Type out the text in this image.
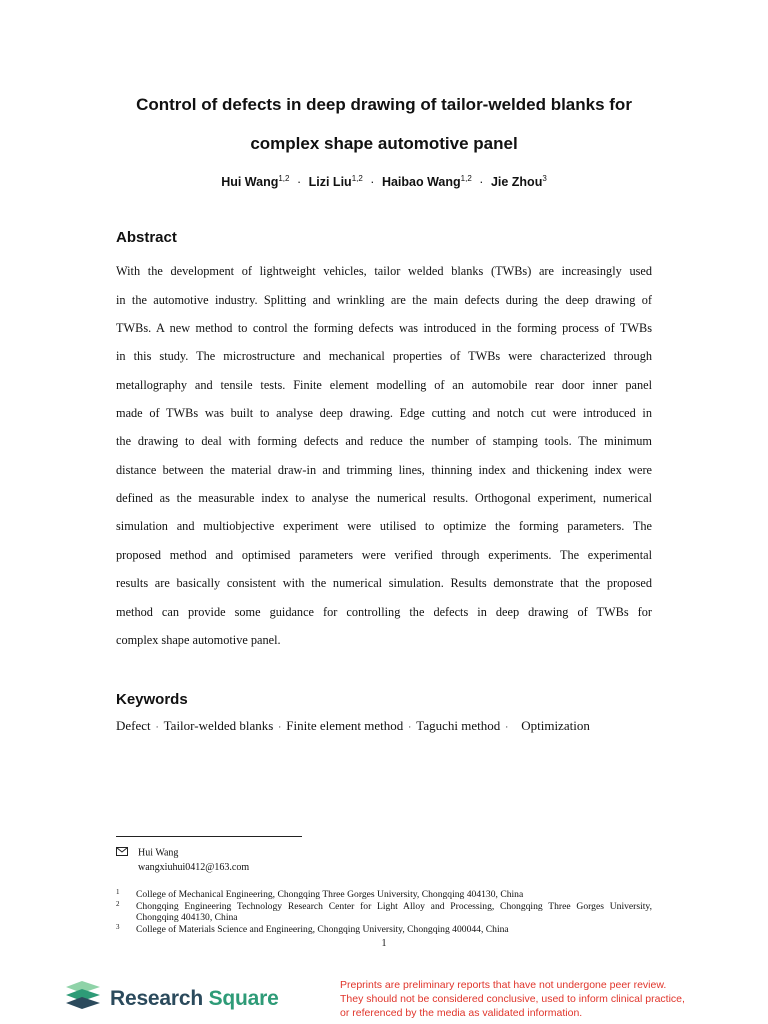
Control of defects in deep drawing of tailor-welded blanks for
complex shape automotive panel
Hui Wang$^{1,2}$ · Lizi Liu$^{1,2}$ · Haibao Wang$^{1,2}$ · Jie Zhou$^3$
Abstract
With the development of lightweight vehicles, tailor welded blanks (TWBs) are increasingly used
in the automotive industry. Splitting and wrinkling are the main defects during the deep drawing of
TWBs. A new method to control the forming defects was introduced in the forming process of TWBs
in this study. The microstructure and mechanical properties of TWBs were characterized through
metallography and tensile tests. Finite element modelling of an automobile rear door inner panel
made of TWBs was built to analyse deep drawing. Edge cutting and notch cut were introduced in
the drawing to deal with forming defects and reduce the number of stamping tools. The minimum
distance between the material draw-in and trimming lines, thinning index and thickening index were
defined as the measurable index to analyse the numerical results. Orthogonal experiment, numerical
simulation and multiobjective experiment were utilised to optimize the forming parameters. The
proposed method and optimised parameters were verified through experiments. The experimental
results are basically consistent with the numerical simulation. Results demonstrate that the proposed
method can provide some guidance for controlling the defects in deep drawing of TWBs for
complex shape automotive panel.
Keywords
Defect · Tailor-welded blanks · Finite element method · Taguchi method · Optimization
Hui Wang
wangxiuhui0412@163.com
1 College of Mechanical Engineering, Chongqing Three Gorges University, Chongqing 404130, China
2 Chongqing Engineering Technology Research Center for Light Alloy and Processing, Chongqing Three Gorges University, Chongqing 404130, China
3 College of Materials Science and Engineering, Chongqing University, Chongqing 400044, China
1
Research Square
Preprints are preliminary reports that have not undergone peer review.
They should not be considered conclusive, used to inform clinical practice,
or referenced by the media as validated information.
